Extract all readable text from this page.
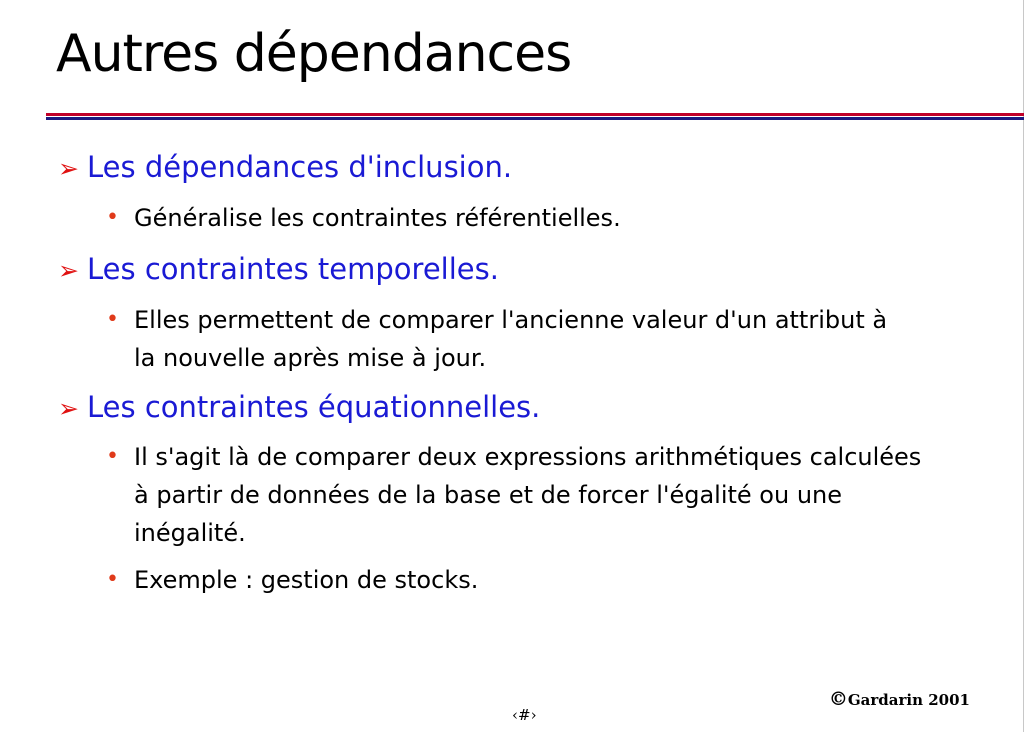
Autres dépendances
➢ Les dépendances d'inclusion.
• Généralise les contraintes référentielles.
➢ Les contraintes temporelles.
• Elles permettent de comparer l'ancienne valeur d'un attribut à la nouvelle après mise à jour.
➢ Les contraintes équationnelles.
• Il s'agit là de comparer deux expressions arithmétiques calculées à partir de données de la base et de forcer l'égalité ou une inégalité.
• Exemple : gestion de stocks.
©Gardarin 2001
‹#›
